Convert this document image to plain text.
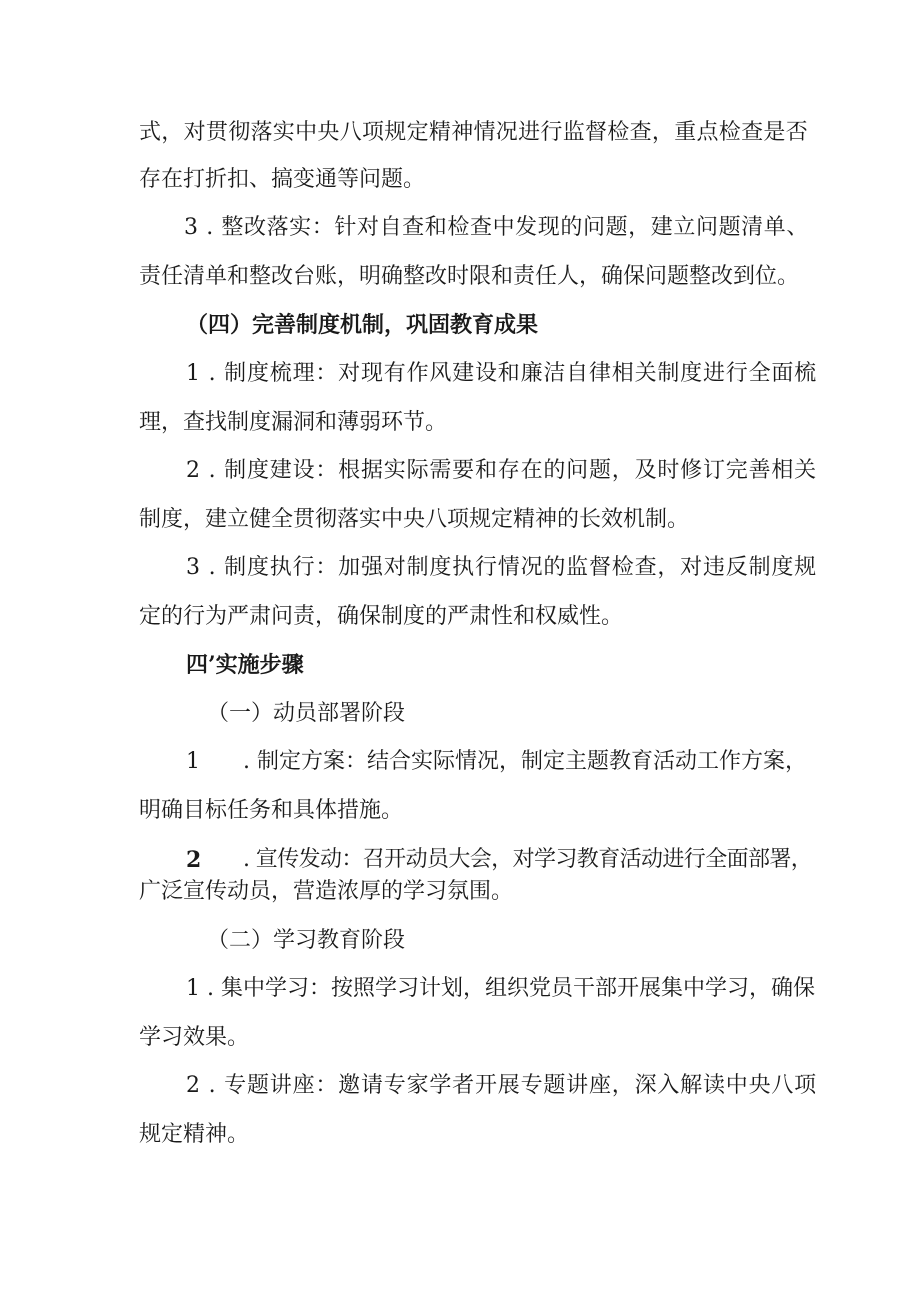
式，对贯彻落实中央八项规定精神情况进行监督检查，重点检查是否
存在打折扣、搞变通等问题。
3 . 整改落实：针对自查和检查中发现的问题，建立问题清单、
责任清单和整改台账，明确整改时限和责任人，确保问题整改到位。
（四）完善制度机制，巩固教育成果
1 . 制度梳理：对现有作风建设和廉洁自律相关制度进行全面梳
理，查找制度漏洞和薄弱环节。
2 . 制度建设：根据实际需要和存在的问题，及时修订完善相关
制度，建立健全贯彻落实中央八项规定精神的长效机制。
3 . 制度执行：加强对制度执行情况的监督检查，对违反制度规
定的行为严肃问责，确保制度的严肃性和权威性。
四’实施步骤
（一）动员部署阶段
1 . 制定方案：结合实际情况，制定主题教育活动工作方案，
明确目标任务和具体措施。
2 . 宣传发动：召开动员大会，对学习教育活动进行全面部署，
广泛宣传动员，营造浓厚的学习氛围。
（二）学习教育阶段
1 . 集中学习：按照学习计划，组织党员干部开展集中学习，确保
学习效果。
2 . 专题讲座：邀请专家学者开展专题讲座，深入解读中央八项
规定精神。
